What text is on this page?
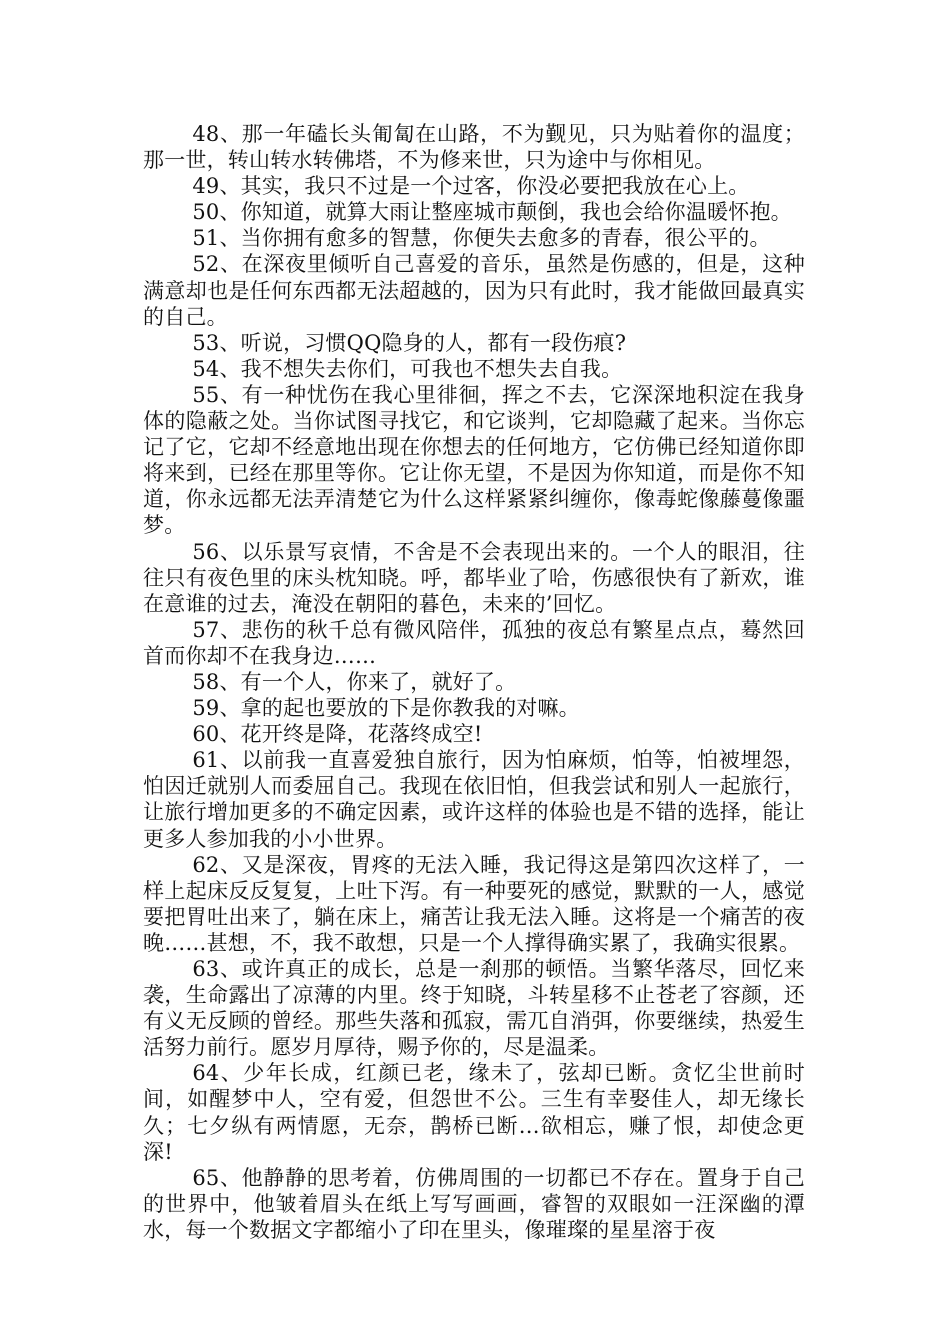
48、那一年磕长头匍匐在山路，不为觐见，只为贴着你的温度；那一世，转山转水转佛塔，不为修来世，只为途中与你相见。

49、其实，我只不过是一个过客，你没必要把我放在心上。

50、你知道，就算大雨让整座城市颠倒，我也会给你温暖怀抱。

51、当你拥有愈多的智慧，你便失去愈多的青春，很公平的。

52、在深夜里倾听自己喜爱的音乐，虽然是伤感的，但是，这种满意却也是任何东西都无法超越的，因为只有此时，我才能做回最真实的自己。

53、听说，习惯QQ隐身的人，都有一段伤痕?

54、我不想失去你们，可我也不想失去自我。

55、有一种忧伤在我心里徘徊，挥之不去，它深深地积淀在我身体的隐蔽之处。当你试图寻找它，和它谈判，它却隐藏了起来。当你忘记了它，它却不经意地出现在你想去的任何地方，它仿佛已经知道你即将来到，已经在那里等你。它让你无望，不是因为你知道，而是你不知道，你永远都无法弄清楚它为什么这样紧紧纠缠你，像毒蛇像藤蔓像噩梦。

56、以乐景写哀情，不舍是不会表现出来的。一个人的眼泪，往往只有夜色里的床头枕知晓。呼，都毕业了哈，伤感很快有了新欢，谁在意谁的过去，淹没在朝阳的暮色，未来的’回忆。

57、悲伤的秋千总有微风陪伴，孤独的夜总有繁星点点，蓦然回首而你却不在我身边……

58、有一个人，你来了，就好了。

59、拿的起也要放的下是你教我的对嘛。

60、花开终是降，花落终成空!

61、以前我一直喜爱独自旅行，因为怕麻烦，怕等，怕被埋怨，怕因迁就别人而委屈自己。我现在依旧怕，但我尝试和别人一起旅行，让旅行增加更多的不确定因素，或许这样的体验也是不错的选择，能让更多人参加我的小小世界。

62、又是深夜，胃疼的无法入睡，我记得这是第四次这样了，一样上起床反反复复，上吐下泻。有一种要死的感觉，默默的一人，感觉要把胃吐出来了，躺在床上，痛苦让我无法入睡。这将是一个痛苦的夜晚……甚想，不，我不敢想，只是一个人撑得确实累了，我确实很累。

63、或许真正的成长，总是一刹那的顿悟。当繁华落尽，回忆来袭，生命露出了凉薄的内里。终于知晓，斗转星移不止苍老了容颜，还有义无反顾的曾经。那些失落和孤寂，需兀自消弭，你要继续，热爱生活努力前行。愿岁月厚待，赐予你的，尽是温柔。

64、少年长成，红颜已老，缘未了，弦却已断。贪忆尘世前时间，如醒梦中人，空有爱，但怨世不公。三生有幸娶佳人，却无缘长久；七夕纵有两情愿，无奈，鹊桥已断…欲相忘，赚了恨，却使念更深!

65、他静静的思考着，仿佛周围的一切都已不存在。置身于自己的世界中，他皱着眉头在纸上写写画画，睿智的双眼如一汪深幽的潭水，每一个数据文字都缩小了印在里头，像璀璨的星星溶于夜
